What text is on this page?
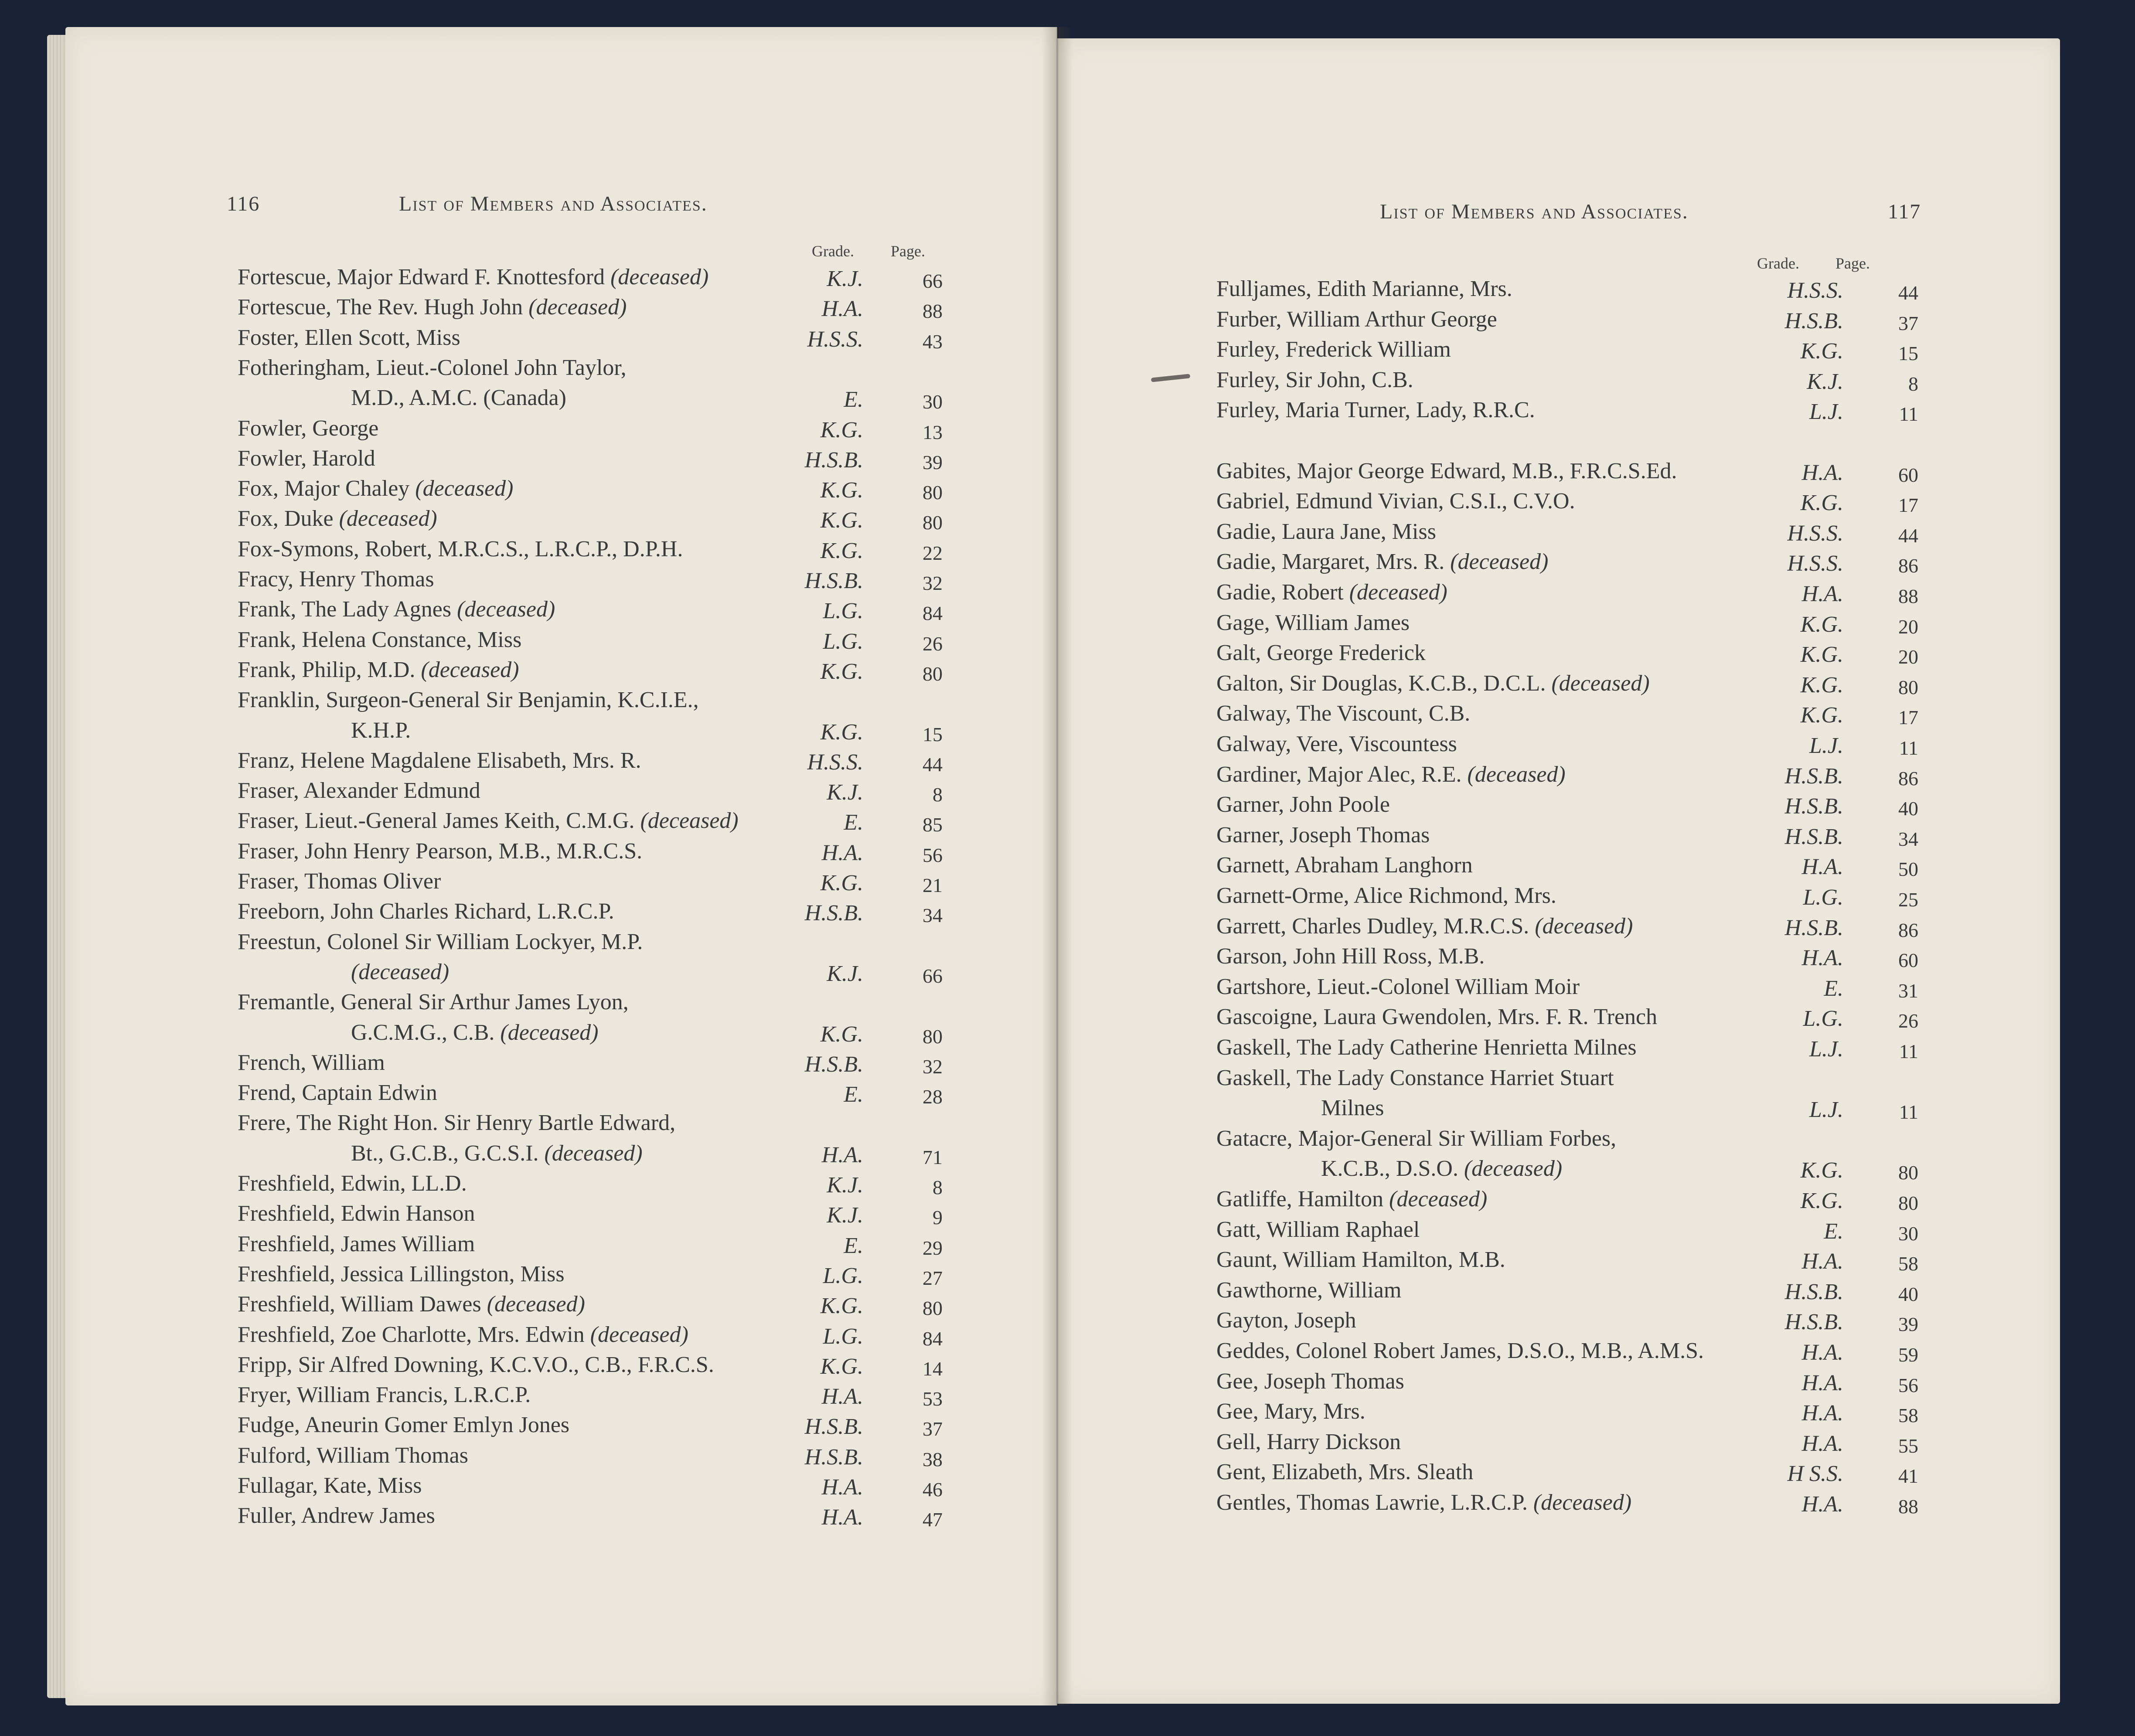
116	List of Members and Associates.
Grade. Page.
List of Members and Associates.	117
Grade. Page.
Fortescue, Major Edward F. Knottesford (deceased)	K.J.	66
Fortescue, The Rev. Hugh John (deceased)	H.A.	88
Foster, Ellen Scott, Miss	H.S.S.	43
Fotheringham, Lieut.-Colonel John Taylor,
M.D., A.M.C. (Canada)	E.	30
Fowler, George	K.G.	13
Fowler, Harold	H.S.B.	39
Fox, Major Chaley (deceased)	K.G.	80
Fox, Duke (deceased)	K.G.	80
Fox-Symons, Robert, M.R.C.S., L.R.C.P., D.P.H.	K.G.	22
Fracy, Henry Thomas	H.S.B.	32
Frank, The Lady Agnes (deceased)	L.G.	84
Frank, Helena Constance, Miss	L.G.	26
Frank, Philip, M.D. (deceased)	K.G.	80
Franklin, Surgeon-General Sir Benjamin, K.C.I.E.,
K.H.P.	K.G.	15
Franz, Helene Magdalene Elisabeth, Mrs. R.	H.S.S.	44
Fraser, Alexander Edmund	K.J.	8
Fraser, Lieut.-General James Keith, C.M.G. (deceased)	E.	85
Fraser, John Henry Pearson, M.B., M.R.C.S.	H.A.	56
Fraser, Thomas Oliver	K.G.	21
Freeborn, John Charles Richard, L.R.C.P.	H.S.B.	34
Freestun, Colonel Sir William Lockyer, M.P.
(deceased)	K.J.	66
Fremantle, General Sir Arthur James Lyon,
G.C.M.G., C.B. (deceased)	K.G.	80
French, William	H.S.B.	32
Frend, Captain Edwin	E.	28
Frere, The Right Hon. Sir Henry Bartle Edward,
Bt., G.C.B., G.C.S.I. (deceased)	H.A.	71
Freshfield, Edwin, LL.D.	K.J.	8
Freshfield, Edwin Hanson	K.J.	9
Freshfield, James William	E.	29
Freshfield, Jessica Lillingston, Miss	L.G.	27
Freshfield, William Dawes (deceased)	K.G.	80
Freshfield, Zoe Charlotte, Mrs. Edwin (deceased)	L.G.	84
Fripp, Sir Alfred Downing, K.C.V.O., C.B., F.R.C.S.	K.G.	14
Fryer, William Francis, L.R.C.P.	H.A.	53
Fudge, Aneurin Gomer Emlyn Jones	H.S.B.	37
Fulford, William Thomas	H.S.B.	38
Fullagar, Kate, Miss	H.A.	46
Fuller, Andrew James	H.A.	47
Fulljames, Edith Marianne, Mrs.	H.S.S.	44
Furber, William Arthur George	H.S.B.	37
Furley, Frederick William	K.G.	15
Furley, Sir John, C.B.	K.J.	8
Furley, Maria Turner, Lady, R.R.C.	L.J.	11
Gabites, Major George Edward, M.B., F.R.C.S.Ed.	H.A.	60
Gabriel, Edmund Vivian, C.S.I., C.V.O.	K.G.	17
Gadie, Laura Jane, Miss	H.S.S.	44
Gadie, Margaret, Mrs. R. (deceased)	H.S.S.	86
Gadie, Robert (deceased)	H.A.	88
Gage, William James	K.G.	20
Galt, George Frederick	K.G.	20
Galton, Sir Douglas, K.C.B., D.C.L. (deceased)	K.G.	80
Galway, The Viscount, C.B.	K.G.	17
Galway, Vere, Viscountess	L.J.	11
Gardiner, Major Alec, R.E. (deceased)	H.S.B.	86
Garner, John Poole	H.S.B.	40
Garner, Joseph Thomas	H.S.B.	34
Garnett, Abraham Langhorn	H.A.	50
Garnett-Orme, Alice Richmond, Mrs.	L.G.	25
Garrett, Charles Dudley, M.R.C.S. (deceased)	H.S.B.	86
Garson, John Hill Ross, M.B.	H.A.	60
Gartshore, Lieut.-Colonel William Moir	E.	31
Gascoigne, Laura Gwendolen, Mrs. F. R. Trench	L.G.	26
Gaskell, The Lady Catherine Henrietta Milnes	L.J.	11
Gaskell, The Lady Constance Harriet Stuart
Milnes	L.J.	11
Gatacre, Major-General Sir William Forbes,
K.C.B., D.S.O. (deceased)	K.G.	80
Gatliffe, Hamilton (deceased)	K.G.	80
Gatt, William Raphael	E.	30
Gaunt, William Hamilton, M.B.	H.A.	58
Gawthorne, William	H.S.B.	40
Gayton, Joseph	H.S.B.	39
Geddes, Colonel Robert James, D.S.O., M.B., A.M.S.	H.A.	59
Gee, Joseph Thomas	H.A.	56
Gee, Mary, Mrs.	H.A.	58
Gell, Harry Dickson	H.A.	55
Gent, Elizabeth, Mrs. Sleath	H S.S.	41
Gentles, Thomas Lawrie, L.R.C.P. (deceased)	H.A.	88
